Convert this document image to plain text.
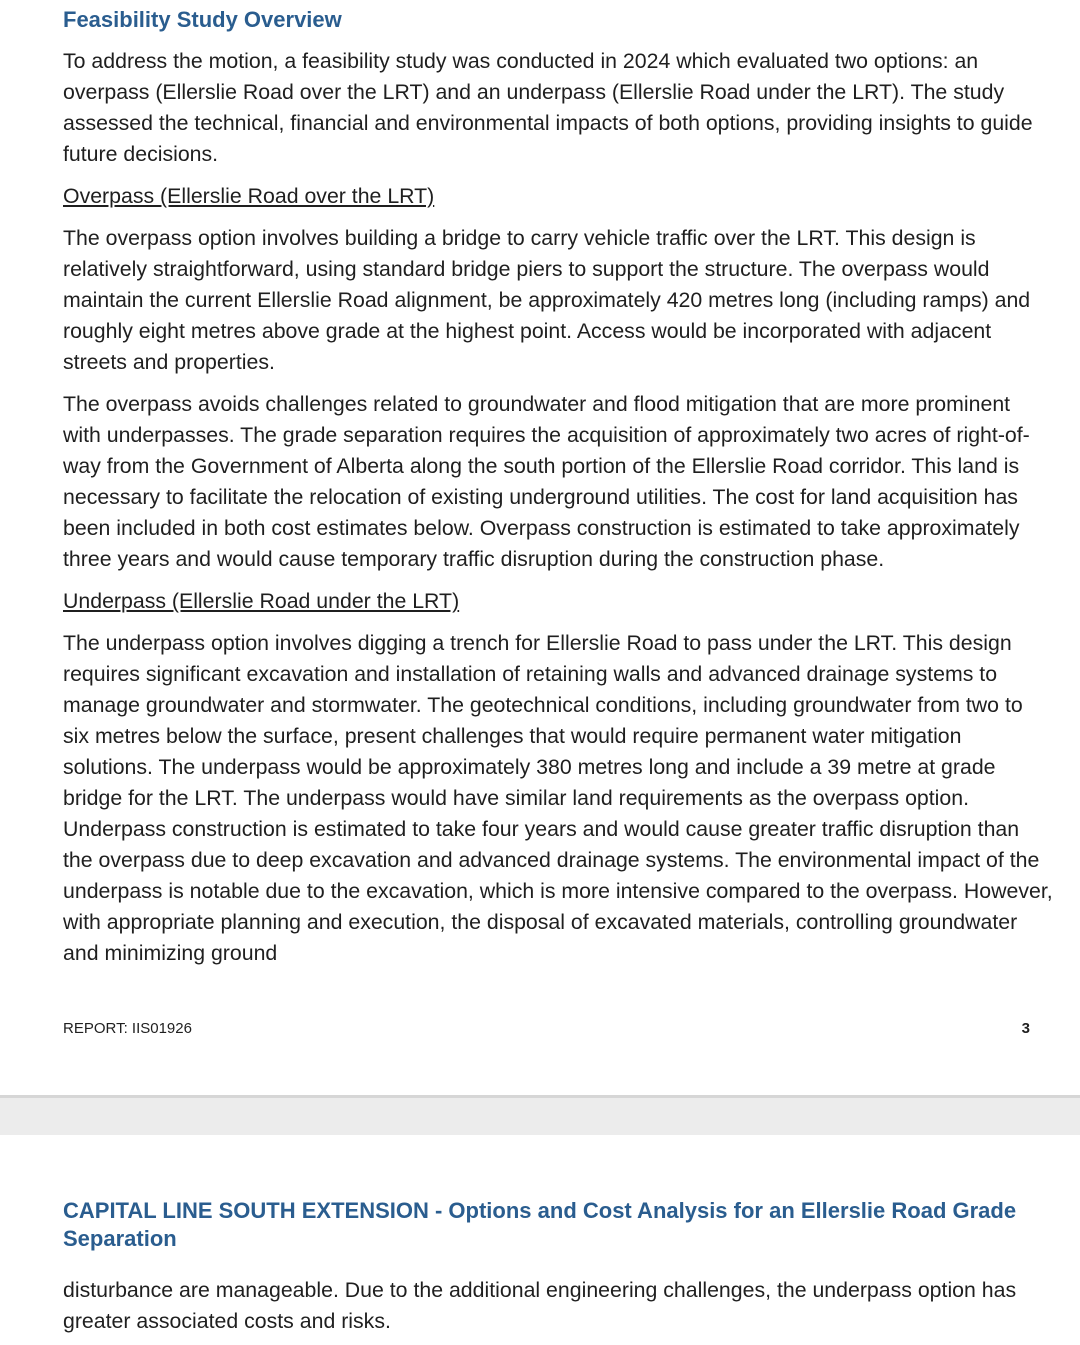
Feasibility Study Overview

To address the motion, a feasibility study was conducted in 2024 which evaluated two options: an overpass (Ellerslie Road over the LRT) and an underpass (Ellerslie Road under the LRT). The study assessed the technical, financial and environmental impacts of both options, providing insights to guide future decisions.

Overpass (Ellerslie Road over the LRT)

The overpass option involves building a bridge to carry vehicle traffic over the LRT. This design is relatively straightforward, using standard bridge piers to support the structure. The overpass would maintain the current Ellerslie Road alignment, be approximately 420 metres long (including ramps) and roughly eight metres above grade at the highest point. Access would be incorporated with adjacent streets and properties.

The overpass avoids challenges related to groundwater and flood mitigation that are more prominent with underpasses. The grade separation requires the acquisition of approximately two acres of right-of-way from the Government of Alberta along the south portion of the Ellerslie Road corridor. This land is necessary to facilitate the relocation of existing underground utilities. The cost for land acquisition has been included in both cost estimates below. Overpass construction is estimated to take approximately three years and would cause temporary traffic disruption during the construction phase.

Underpass (Ellerslie Road under the LRT)

The underpass option involves digging a trench for Ellerslie Road to pass under the LRT. This design requires significant excavation and installation of retaining walls and advanced drainage systems to manage groundwater and stormwater. The geotechnical conditions, including groundwater from two to six metres below the surface, present challenges that would require permanent water mitigation solutions. The underpass would be approximately 380 metres long and include a 39 metre at grade bridge for the LRT. The underpass would have similar land requirements as the overpass option. Underpass construction is estimated to take four years and would cause greater traffic disruption than the overpass due to deep excavation and advanced drainage systems. The environmental impact of the underpass is notable due to the excavation, which is more intensive compared to the overpass. However, with appropriate planning and execution, the disposal of excavated materials, controlling groundwater and minimizing ground

REPORT: IIS01926	3
CAPITAL LINE SOUTH EXTENSION - Options and Cost Analysis for an Ellerslie Road Grade Separation

disturbance are manageable. Due to the additional engineering challenges, the underpass option has greater associated costs and risks.
